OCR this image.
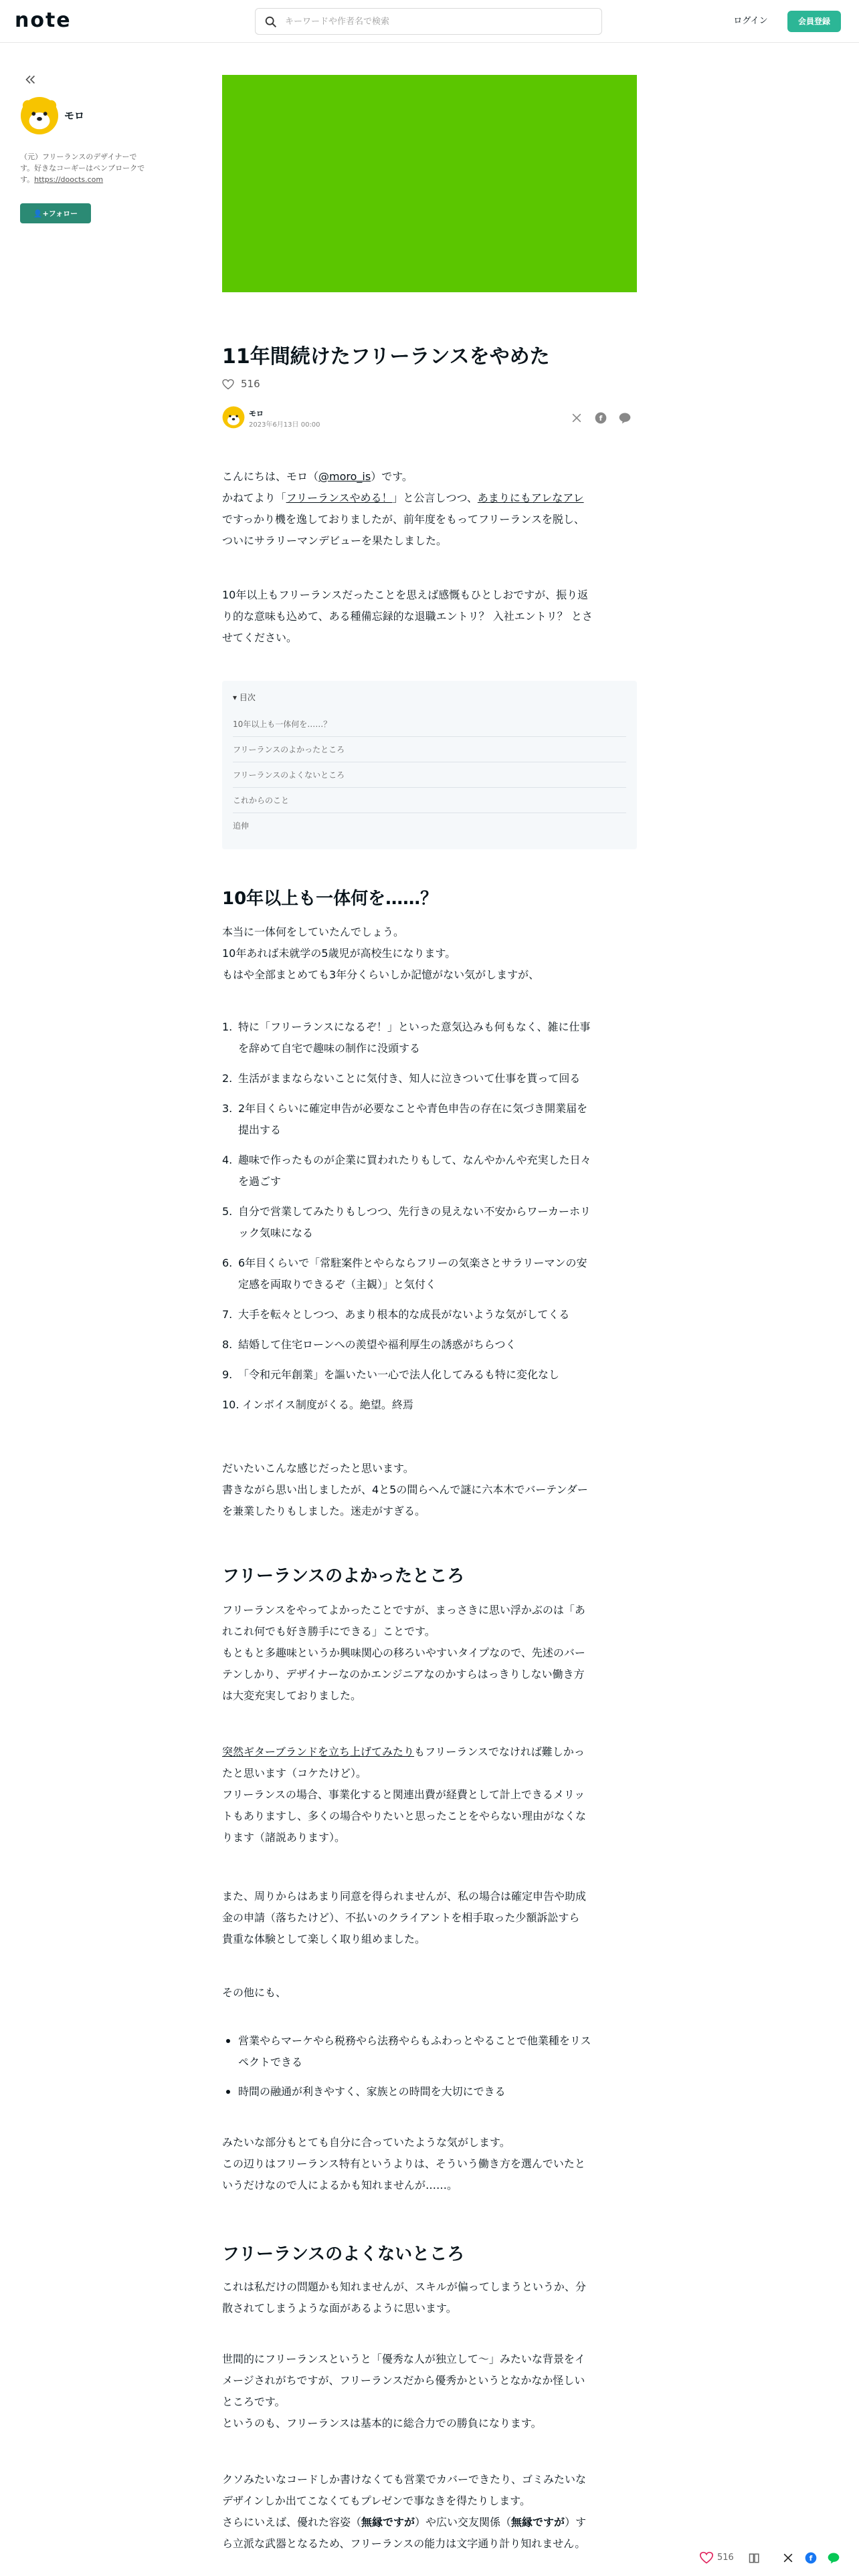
note
キーワードや作者名で検索	ログイン	会員登録
モロ
（元）フリーランスのデザイナーです。好きなコーギーはペンブロークです。https://doocts.com
👤+フォロー
11年間続けたフリーランスをやめた
516
モロ
2023年6月13日 00:00
f
こんにちは、モロ（@moro_is）です。
かねてより「フリーランスやめる！」と公言しつつ、あまりにもアレなアレ
ですっかり機を逸しておりましたが、前年度をもってフリーランスを脱し、
ついにサラリーマンデビューを果たしました。
10年以上もフリーランスだったことを思えば感慨もひとしおですが、振り返
り的な意味も込めて、ある種備忘録的な退職エントリ？ 入社エントリ？ とさ
せてください。
▾ 目次
10年以上も一体何を……？
フリーランスのよかったところ
フリーランスのよくないところ
これからのこと
追伸
10年以上も一体何を……？
本当に一体何をしていたんでしょう。
10年あれば未就学の5歳児が高校生になります。
もはや全部まとめても3年分くらいしか記憶がない気がしますが、
1. 特に「フリーランスになるぞ！」といった意気込みも何もなく、雑に仕事
を辞めて自宅で趣味の制作に没頭する
2. 生活がままならないことに気付き、知人に泣きついて仕事を貰って回る
3. 2年目くらいに確定申告が必要なことや青色申告の存在に気づき開業届を
提出する
4. 趣味で作ったものが企業に買われたりもして、なんやかんや充実した日々
を過ごす
5. 自分で営業してみたりもしつつ、先行きの見えない不安からワーカーホリ
ック気味になる
6. 6年目くらいで「常駐案件とやらならフリーの気楽さとサラリーマンの安
定感を両取りできるぞ（主観）」と気付く
7. 大手を転々としつつ、あまり根本的な成長がないような気がしてくる
8. 結婚して住宅ローンへの羨望や福利厚生の誘惑がちらつく
9. 「令和元年創業」を謳いたい一心で法人化してみるも特に変化なし
10. インボイス制度がくる。絶望。終焉
だいたいこんな感じだったと思います。
書きながら思い出しましたが、4と5の間らへんで謎に六本木でバーテンダー
を兼業したりもしました。迷走がすぎる。
フリーランスのよかったところ
フリーランスをやってよかったことですが、まっさきに思い浮かぶのは「あ
れこれ何でも好き勝手にできる」ことです。
もともと多趣味というか興味関心の移ろいやすいタイプなので、先述のバー
テンしかり、デザイナーなのかエンジニアなのかすらはっきりしない働き方
は大変充実しておりました。
突然ギターブランドを立ち上げてみたりもフリーランスでなければ難しかっ
たと思います（コケたけど）。
フリーランスの場合、事業化すると関連出費が経費として計上できるメリッ
トもありますし、多くの場合やりたいと思ったことをやらない理由がなくな
ります（諸説あります）。
また、周りからはあまり同意を得られませんが、私の場合は確定申告や助成
金の申請（落ちたけど）、不払いのクライアントを相手取った少額訴訟すら
貴重な体験として楽しく取り組めました。
その他にも、
営業やらマーケやら税務やら法務やらもふわっとやることで他業種をリス
ペクトできる
時間の融通が利きやすく、家族との時間を大切にできる
みたいな部分もとても自分に合っていたような気がします。
この辺りはフリーランス特有というよりは、そういう働き方を選んでいたと
いうだけなので人によるかも知れませんが……。
フリーランスのよくないところ
これは私だけの問題かも知れませんが、スキルが偏ってしまうというか、分
散されてしまうような面があるように思います。
世間的にフリーランスというと「優秀な人が独立して〜」みたいな背景をイ
メージされがちですが、フリーランスだから優秀かというとなかなか怪しい
ところです。
というのも、フリーランスは基本的に総合力での勝負になります。
クソみたいなコードしか書けなくても営業でカバーできたり、ゴミみたいな
デザインしか出てこなくてもプレゼンで事なきを得たりします。
さらにいえば、優れた容姿（無縁ですが）や広い交友関係（無縁ですが）す
ら立派な武器となるため、フリーランスの能力は文字通り計り知れません。
516	f
